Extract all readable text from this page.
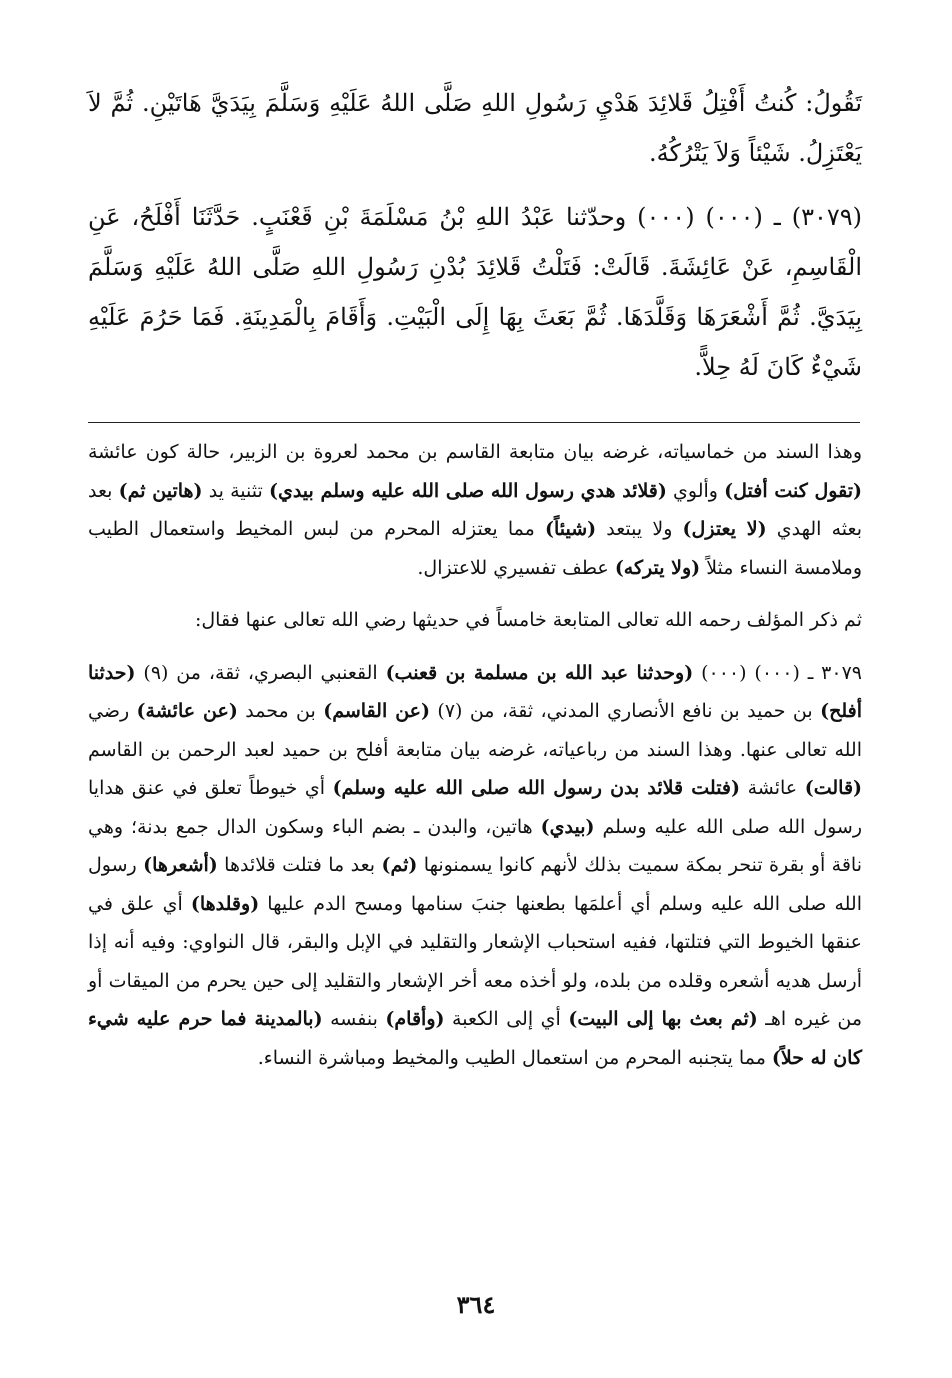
تَقُولُ: كُنتُ أَفْتِلُ قَلائِدَ هَدْيِ رَسُولِ اللهِ صَلَّى اللهُ عَلَيْهِ وَسَلَّمَ بِيَدَيَّ هَاتَيْنِ. ثُمَّ لاَ يَعْتَزِلُ. شَيْئاً وَلاَ يَتْرُكُهُ.

(٣٠٧٩) ـ (٠٠٠) (٠٠٠) وحدّثنا عَبْدُ اللهِ بْنُ مَسْلَمَةَ بْنِ قَعْنَبٍ. حَدَّثَنَا أَفْلَحُ، عَنِ الْقَاسِمِ، عَنْ عَائِشَةَ. قَالَتْ: فَتَلْتُ قَلائِدَ بُدْنِ رَسُولِ اللهِ صَلَّى اللهُ عَلَيْهِ وَسَلَّمَ بِيَدَيَّ. ثُمَّ أَشْعَرَهَا وَقَلَّدَهَا. ثُمَّ بَعَثَ بِهَا إِلَى الْبَيْتِ. وَأَقَامَ بِالْمَدِينَةِ. فَمَا حَرُمَ عَلَيْهِ شَيْءٌ كَانَ لَهُ حِلاًّ.

وهذا السند من خماسياته، غرضه بيان متابعة القاسم بن محمد لعروة بن الزبير، حالة كون عائشة (تقول كنت أفتل) وألوي (قلائد هدي رسول الله صلى الله عليه وسلم بيدي) تثنية يد (هاتين ثم) بعد بعثه الهدي (لا يعتزل) ولا يبتعد (شيئاً) مما يعتزله المحرم من لبس المخيط واستعمال الطيب وملامسة النساء مثلاً (ولا يتركه) عطف تفسيري للاعتزال.

ثم ذكر المؤلف رحمه الله تعالى المتابعة خامساً في حديثها رضي الله تعالى عنها فقال:

٣٠٧٩ ـ (٠٠٠) (٠٠٠) (وحدثنا عبد الله بن مسلمة بن قعنب) القعنبي البصري، ثقة، من (٩) (حدثنا أفلح) بن حميد بن نافع الأنصاري المدني، ثقة، من (٧) (عن القاسم) بن محمد (عن عائشة) رضي الله تعالى عنها. وهذا السند من رباعياته، غرضه بيان متابعة أفلح بن حميد لعبد الرحمن بن القاسم (قالت) عائشة (فتلت قلائد بدن رسول الله صلى الله عليه وسلم) أي خيوطاً تعلق في عنق هدايا رسول الله صلى الله عليه وسلم (بيدي) هاتين، والبدن ـ بضم الباء وسكون الدال جمع بدنة؛ وهي ناقة أو بقرة تنحر بمكة سميت بذلك لأنهم كانوا يسمنونها (ثم) بعد ما فتلت قلائدها (أشعرها) رسول الله صلى الله عليه وسلم أي أعلمَها بطعنها جنبَ سنامها ومسح الدم عليها (وقلدها) أي علق في عنقها الخيوط التي فتلتها، ففيه استحباب الإشعار والتقليد في الإبل والبقر، قال النواوي: وفيه أنه إذا أرسل هديه أشعره وقلده من بلده، ولو أخذه معه أخر الإشعار والتقليد إلى حين يحرم من الميقات أو من غيره اهـ (ثم بعث بها إلى البيت) أي إلى الكعبة (وأقام) بنفسه (بالمدينة فما حرم عليه شيء كان له حلاً) مما يتجنبه المحرم من استعمال الطيب والمخيط ومباشرة النساء.

٣٦٤
